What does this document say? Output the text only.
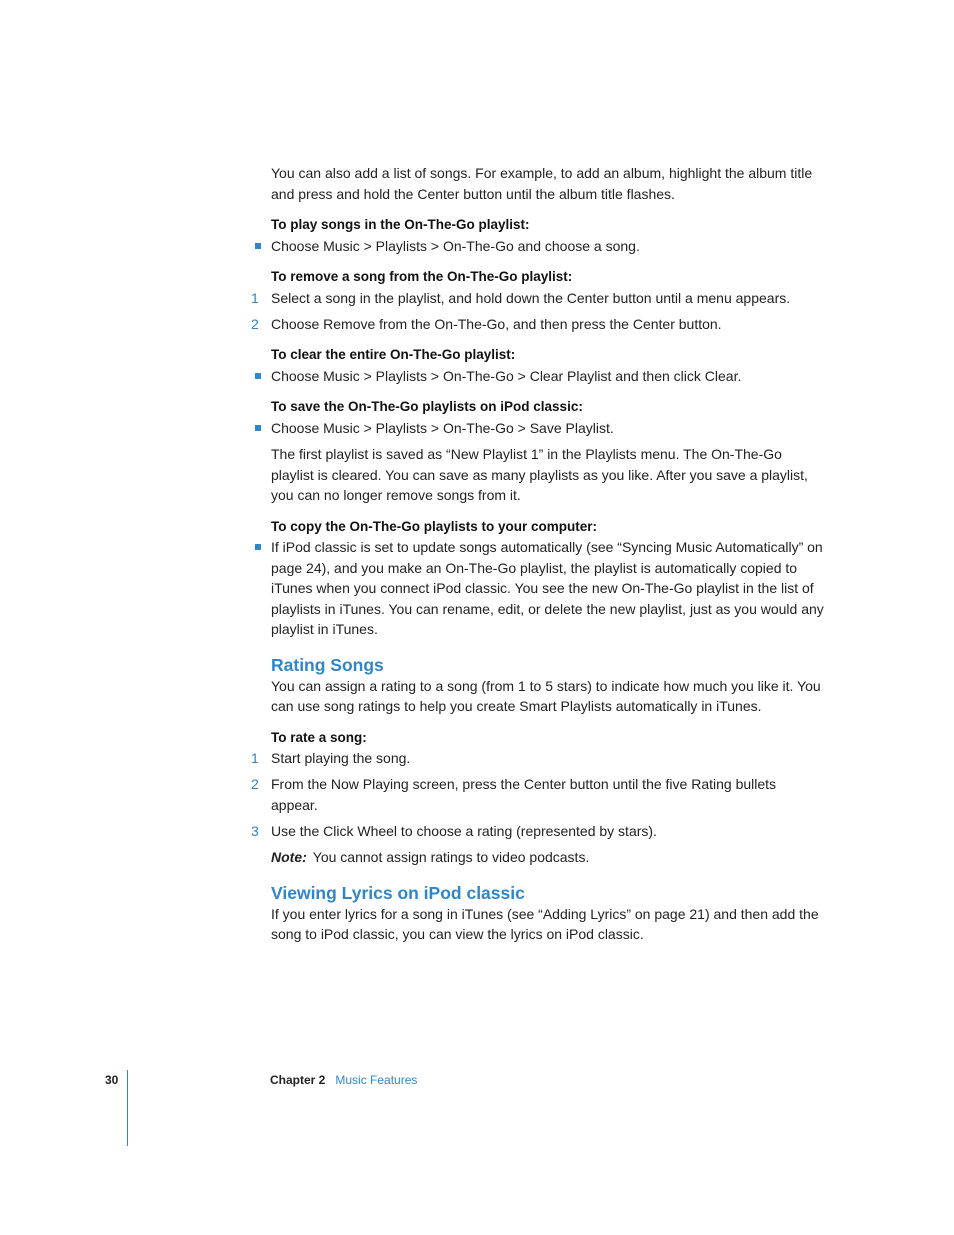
You can also add a list of songs. For example, to add an album, highlight the album title and press and hold the Center button until the album title flashes.

To play songs in the On-The-Go playlist:

Choose Music > Playlists > On-The-Go and choose a song.

To remove a song from the On-The-Go playlist:

1 Select a song in the playlist, and hold down the Center button until a menu appears.
2 Choose Remove from the On-The-Go, and then press the Center button.

To clear the entire On-The-Go playlist:

Choose Music > Playlists > On-The-Go > Clear Playlist and then click Clear.

To save the On-The-Go playlists on iPod classic:

Choose Music > Playlists > On-The-Go > Save Playlist.

The first playlist is saved as “New Playlist 1” in the Playlists menu. The On-The-Go playlist is cleared. You can save as many playlists as you like. After you save a playlist, you can no longer remove songs from it.

To copy the On-The-Go playlists to your computer:

If iPod classic is set to update songs automatically (see “Syncing Music Automatically” on page 24), and you make an On-The-Go playlist, the playlist is automatically copied to iTunes when you connect iPod classic. You see the new On-The-Go playlist in the list of playlists in iTunes. You can rename, edit, or delete the new playlist, just as you would any playlist in iTunes.
Rating Songs

You can assign a rating to a song (from 1 to 5 stars) to indicate how much you like it. You can use song ratings to help you create Smart Playlists automatically in iTunes.

To rate a song:

1 Start playing the song.
2 From the Now Playing screen, press the Center button until the five Rating bullets appear.
3 Use the Click Wheel to choose a rating (represented by stars).

Note: You cannot assign ratings to video podcasts.

Viewing Lyrics on iPod classic

If you enter lyrics for a song in iTunes (see “Adding Lyrics” on page 21) and then add the song to iPod classic, you can view the lyrics on iPod classic.

30	Chapter 2 Music Features
